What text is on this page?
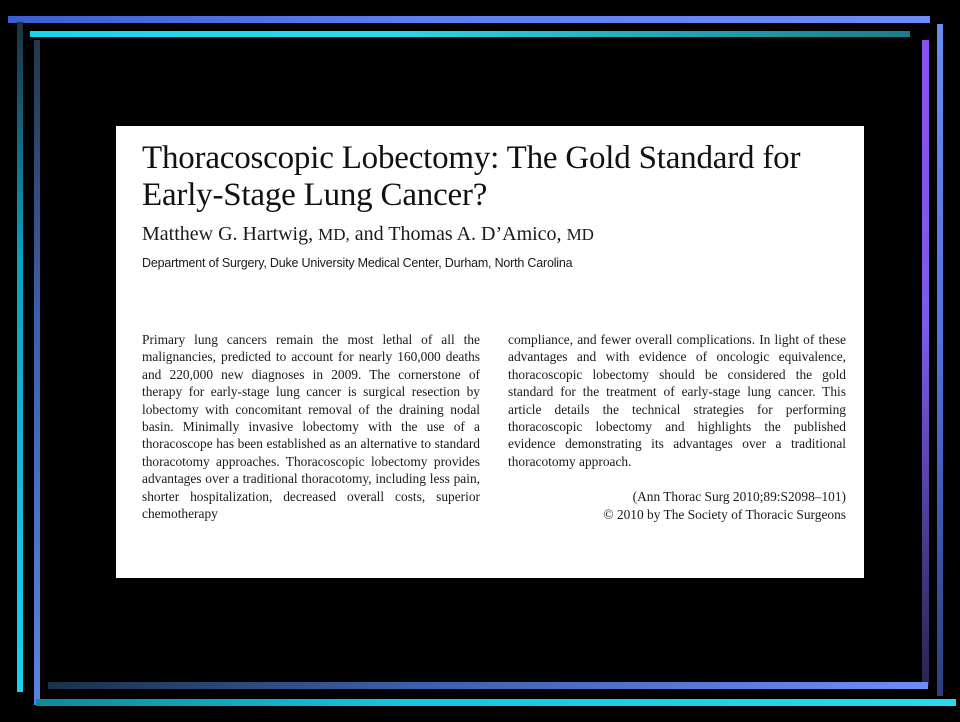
Thoracoscopic Lobectomy: The Gold Standard for
Early-Stage Lung Cancer?
Matthew G. Hartwig, MD, and Thomas A. D’Amico, MD
Department of Surgery, Duke University Medical Center, Durham, North Carolina
Primary lung cancers remain the most lethal of all the malignancies, predicted to account for nearly 160,000 deaths and 220,000 new diagnoses in 2009. The cornerstone of therapy for early-stage lung cancer is surgical resection by lobectomy with concomitant removal of the draining nodal basin. Minimally invasive lobectomy with the use of a thoracoscope has been established as an alternative to standard thoracotomy approaches. Thoracoscopic lobectomy provides advantages over a traditional thoracotomy, including less pain, shorter hospitalization, decreased overall costs, superior chemotherapy
compliance, and fewer overall complications. In light of these advantages and with evidence of oncologic equivalence, thoracoscopic lobectomy should be considered the gold standard for the treatment of early-stage lung cancer. This article details the technical strategies for performing thoracoscopic lobectomy and highlights the published evidence demonstrating its advantages over a traditional thoracotomy approach.
(Ann Thorac Surg 2010;89:S2098–101)
© 2010 by The Society of Thoracic Surgeons
